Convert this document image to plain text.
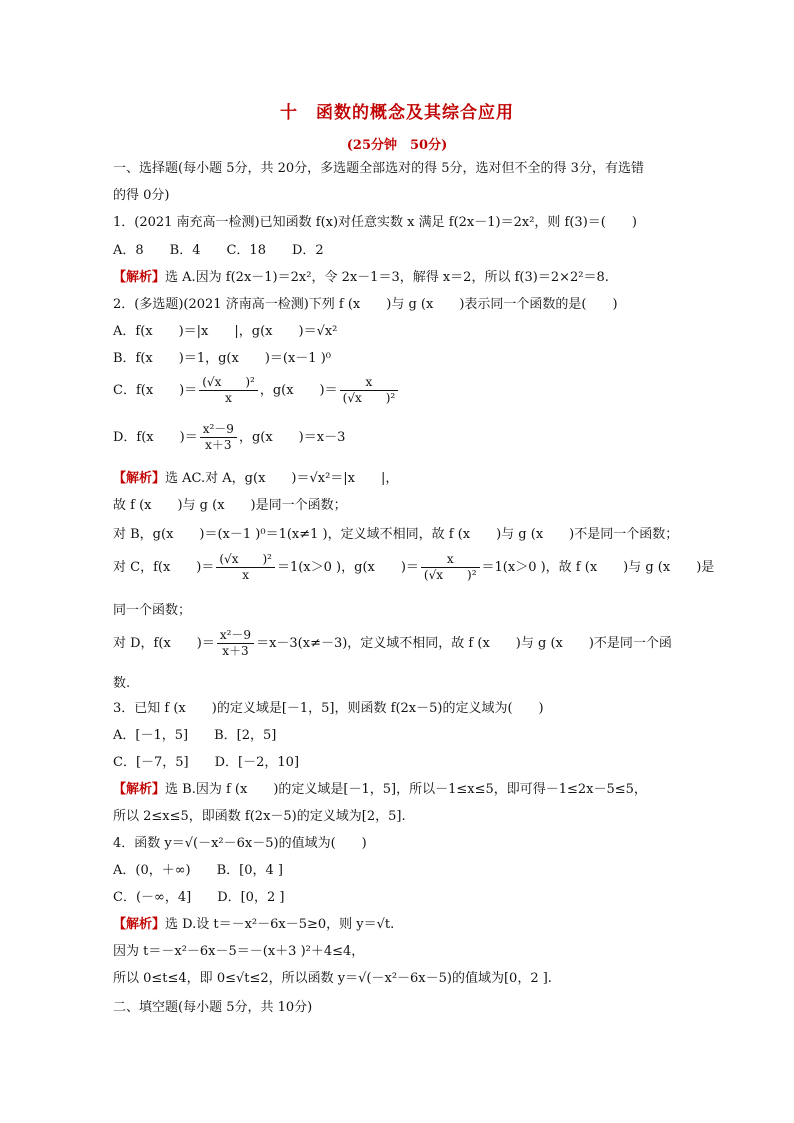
十　函数的概念及其综合应用
(25分钟　50分)
一、选择题(每小题 5分，共 20分，多选题全部选对的得 5分，选对但不全的得 3分，有选错
的得 0分)
1．(2021 南充高一检测)已知函数 f(x)对任意实数 x 满足 f(2x－1)＝2x²，则 f(3)＝(　　)
A．8　　B．4　　C．18　　D．2
【解析】选 A.因为 f(2x－1)＝2x²，令 2x－1＝3，解得 x＝2，所以 f(3)＝2×2²＝8.
2．(多选题)(2021 济南高一检测)下列 f (x　　)与 g (x　　)表示同一个函数的是(　　)
A．f(x　　)＝|x　　|，g(x　　)＝√x²
B．f(x　　)＝1，g(x　　)＝(x－1 )⁰
C．f(x　　)＝ $\frac{\text{(√x　　)²}}{x}$ ，g(x　　)＝ $\frac{x}{\text{(√x　　)²}}$
D．f(x　　)＝ $\frac{\text{x²－9}}{x+3}$ ，g(x　　)＝x－3
【解析】选 AC.对 A，g(x　　)＝√x²＝|x　　|，
故 f (x　　)与 g (x　　)是同一个函数；
对 B，g(x　　)＝(x－1 )⁰＝1(x≠1 )，定义域不相同，故 f (x　　)与 g (x　　)不是同一个函数；
对 C，f(x　　)＝ $\frac{\text{(√x　　)²}}{x} =1(x>0$ )，g(x　　)＝ $\frac{x}{\text{(√x　　)²}} =1(x>0$ )，故 f (x　　)与 g (x　　)是
同一个函数；
对 D，f(x　　)＝ $\frac{\text{x²－9}}{x+3} =x-3(x\ne-3)$，定义域不相同，故 f (x　　)与 g (x　　)不是同一个函
数.
3．已知 f (x　　)的定义域是[－1，5]，则函数 f(2x－5)的定义域为(　　)
A．[－1，5]　　B．[2，5]
C．[－7，5]　　D．[－2，10]
【解析】选 B.因为 f (x　　)的定义域是[－1，5]，所以－1≤x≤5，即可得－1≤2x－5≤5，
所以 2≤x≤5，即函数 f(2x－5)的定义域为[2，5].
4．函数 y＝√(－x²－6x－5)的值域为(　　)
A．(0，＋∞)　　B．[0，4 ]
C．(－∞，4]　　D．[0，2 ]
【解析】选 D.设 t＝－x²－6x－5≥0，则 y＝√t.
因为 t＝－x²－6x－5＝－(x＋3 )²＋4≤4，
所以 0≤t≤4，即 0≤√t≤2，所以函数 y＝√(－x²－6x－5)的值域为[0，2 ].
二、填空题(每小题 5分，共 10分)
